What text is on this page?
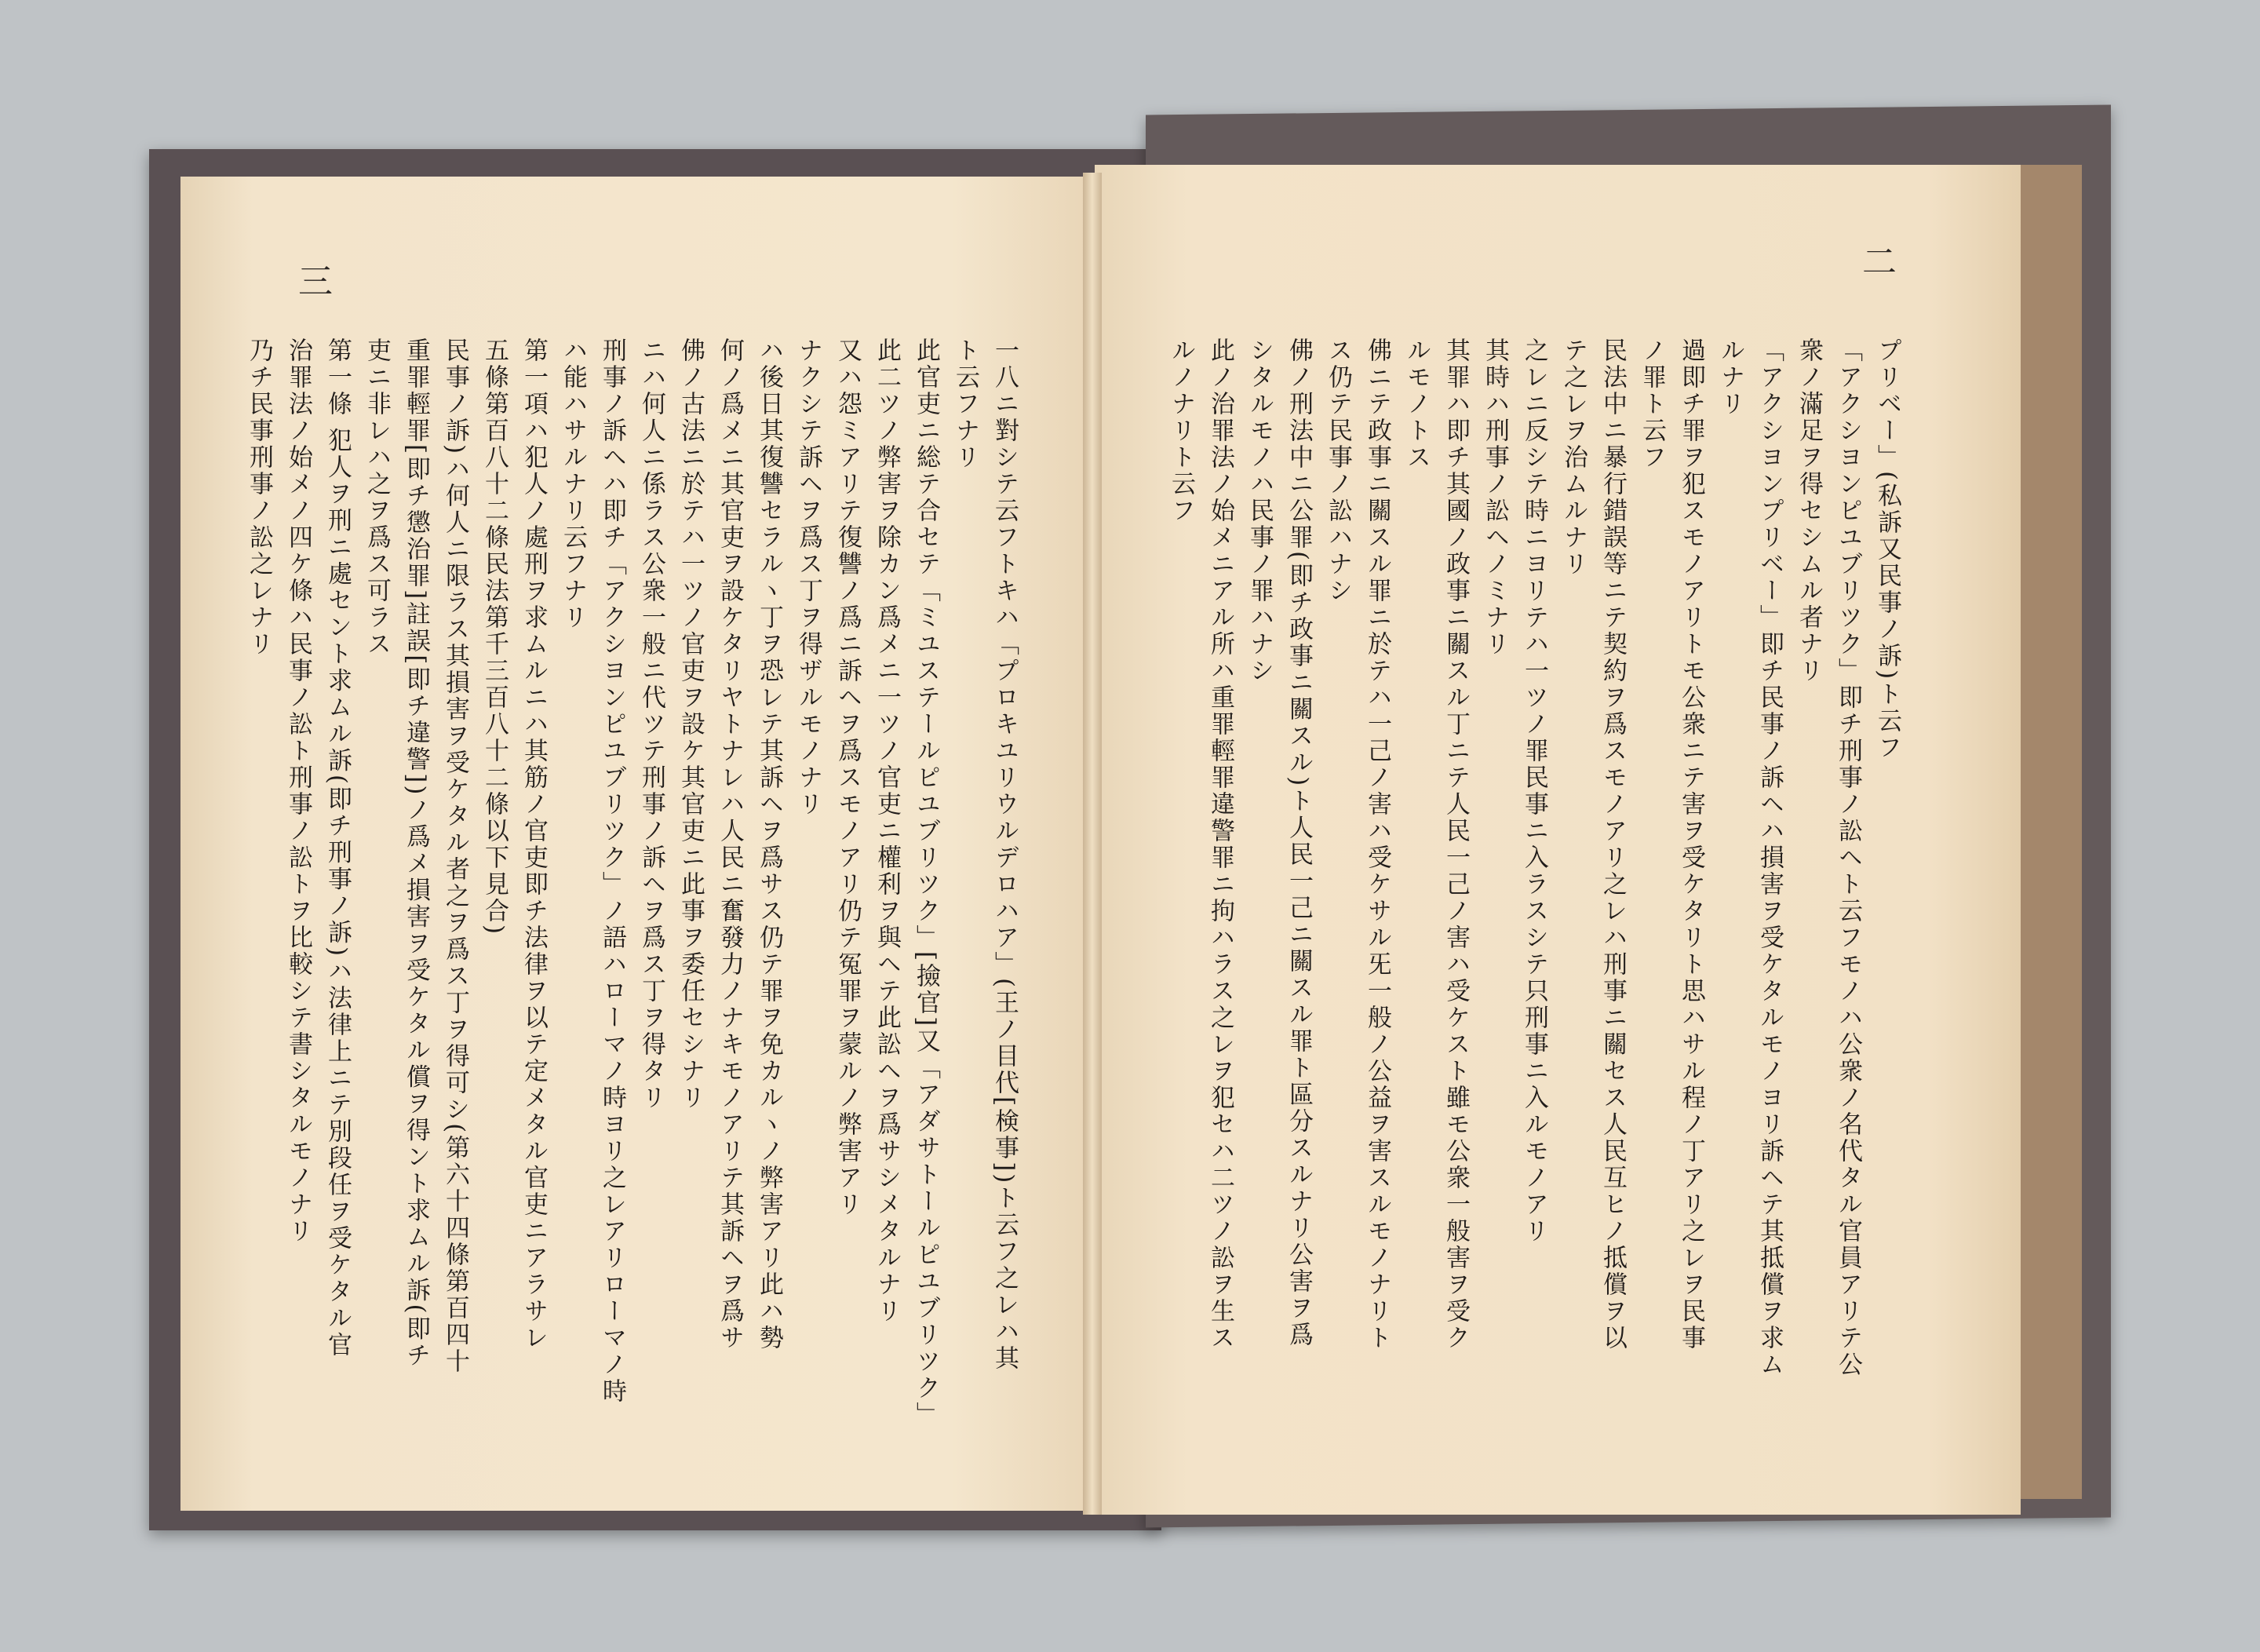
三
二
プリベー」(私訴又民事ノ訴)ト云フ
「アクシヨンピユブリツク」即チ刑事ノ訟ヘト云フモノハ公衆ノ名代タル官員アリテ公
衆ノ滿足ヲ得セシムル者ナリ
「アクシヨンプリベー」即チ民事ノ訴ヘハ損害ヲ受ケタルモノヨリ訴ヘテ其抵償ヲ求ム
ルナリ
過即チ罪ヲ犯スモノアリトモ公衆ニテ害ヲ受ケタリト思ハサル程ノ丁アリ之レヲ民事
ノ罪ト云フ
民法中ニ暴行錯誤等ニテ契約ヲ爲スモノアリ之レハ刑事ニ關セス人民互ヒノ抵償ヲ以
テ之レヲ治ムルナリ
之レニ反シテ時ニヨリテハ一ツノ罪民事ニ入ラスシテ只刑事ニ入ルモノアリ
其時ハ刑事ノ訟ヘノミナリ
其罪ハ即チ其國ノ政事ニ關スル丁ニテ人民一己ノ害ハ受ケスト雖モ公衆一般害ヲ受ク
ルモノトス
佛ニテ政事ニ關スル罪ニ於テハ一己ノ害ハ受ケサル旡一般ノ公益ヲ害スルモノナリト
ス仍テ民事ノ訟ハナシ
佛ノ刑法中ニ公罪(即チ政事ニ關スル)ト人民一己ニ關スル罪ト區分スルナリ公害ヲ爲
シタルモノハ民事ノ罪ハナシ
此ノ治罪法ノ始メニアル所ハ重罪輕罪違警罪ニ拘ハラス之レヲ犯セハ二ツノ訟ヲ生ス
ルノナリト云フ
一八ニ對シテ云フトキハ「プロキユリウルデロハア」(王ノ目代[検事])ト云フ之レハ其
ト云フナリ
此官吏ニ総テ合セテ「ミユステールピユブリツク」[撿官]又「アダサトールピユブリツク」
此二ツノ弊害ヲ除カン爲メニ一ツノ官吏ニ權利ヲ與ヘテ此訟ヘヲ爲サシメタルナリ
又ハ怨ミアリテ復讐ノ爲ニ訴ヘヲ爲スモノアリ仍テ冤罪ヲ蒙ルノ弊害アリ
ナクシテ訴ヘヲ爲ス丁ヲ得ザルモノナリ
ハ後日其復讐セラルヽ丁ヲ恐レテ其訴ヘヲ爲サス仍テ罪ヲ免カルヽノ弊害アリ此ハ勢
何ノ爲メニ其官吏ヲ設ケタリヤトナレハ人民ニ奮發力ノナキモノアリテ其訴ヘヲ爲サ
佛ノ古法ニ於テハ一ツノ官吏ヲ設ケ其官吏ニ此事ヲ委任セシナリ
ニハ何人ニ係ラス公衆一般ニ代ツテ刑事ノ訴ヘヲ爲ス丁ヲ得タリ
刑事ノ訴ヘハ即チ「アクシヨンピユブリツク」ノ語ハローマノ時ヨリ之レアリローマノ時
ハ能ハサルナリ云フナリ
第一項ハ犯人ノ處刑ヲ求ムルニハ其筋ノ官吏即チ法律ヲ以テ定メタル官吏ニアラサレ
五條第百八十二條民法第千三百八十二條以下見合)
民事ノ訴)ハ何人ニ限ラス其損害ヲ受ケタル者之ヲ爲ス丁ヲ得可シ(第六十四條第百四十
重罪輕罪[即チ懲治罪]註誤[即チ違警])ノ爲メ損害ヲ受ケタル償ヲ得ント求ムル訴(即チ
吏ニ非レハ之ヲ爲ス可ラス
第一條 犯人ヲ刑ニ處セント求ムル訴(即チ刑事ノ訴)ハ法律上ニテ別段任ヲ受ケタル官
治罪法ノ始メノ四ケ條ハ民事ノ訟ト刑事ノ訟トヲ比較シテ書シタルモノナリ
乃チ民事刑事ノ訟之レナリ
